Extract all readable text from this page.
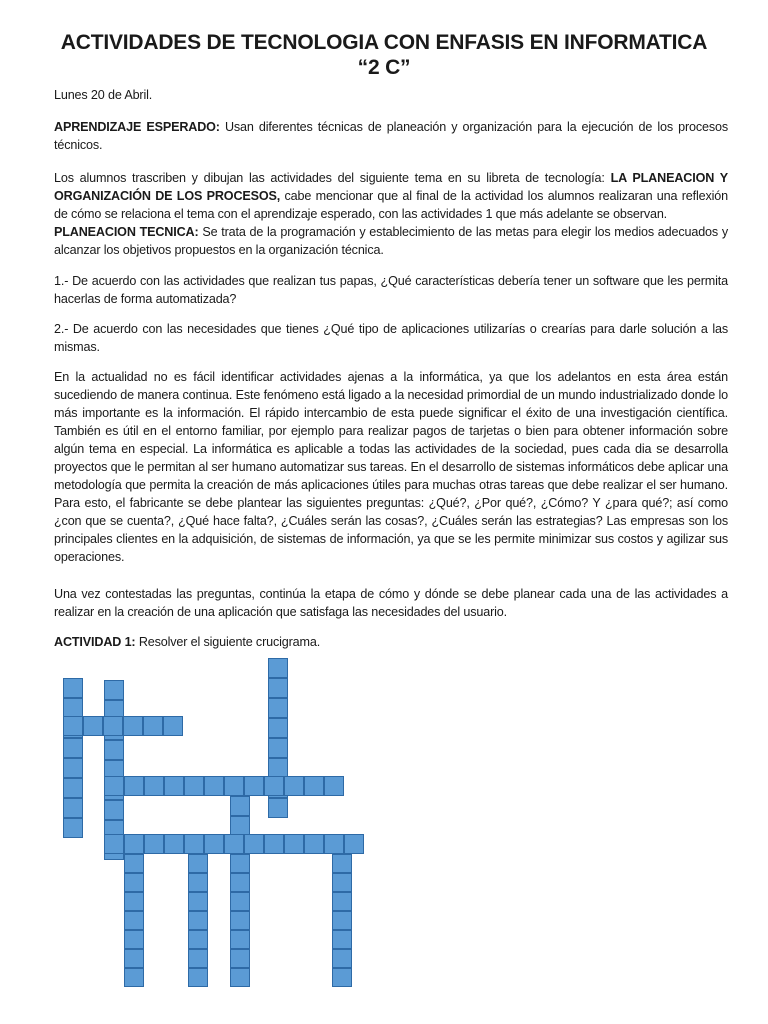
ACTIVIDADES DE TECNOLOGIA CON ENFASIS EN INFORMATICA
“2 C”
Lunes 20 de Abril.
APRENDIZAJE ESPERADO: Usan diferentes técnicas de planeación y organización para la ejecución de los procesos técnicos.
Los alumnos trascriben y dibujan las actividades del siguiente tema en su libreta de tecnología: LA PLANEACION Y ORGANIZACIÓN DE LOS PROCESOS, cabe mencionar que al final de la actividad los alumnos realizaran una reflexión de cómo se relaciona el tema con el aprendizaje esperado, con las actividades 1 que más adelante se observan.
PLANEACION TECNICA: Se trata de la programación y establecimiento de las metas para elegir los medios adecuados y alcanzar los objetivos propuestos en la organización técnica.
1.- De acuerdo con las actividades que realizan tus papas, ¿Qué características debería tener un software que les permita hacerlas de forma automatizada?
2.- De acuerdo con las necesidades que tienes ¿Qué tipo de aplicaciones utilizarías o crearías para darle solución a las mismas.
En la actualidad no es fácil identificar actividades ajenas a la informática, ya que los adelantos en esta área están sucediendo de manera continua. Este fenómeno está ligado a la necesidad primordial de un mundo industrializado donde lo más importante es la información. El rápido intercambio de esta puede significar el éxito de una investigación científica. También es útil en el entorno familiar, por ejemplo para realizar pagos de tarjetas o bien para obtener información sobre algún tema en especial. La informática es aplicable a todas las actividades de la sociedad, pues cada dia se desarrolla proyectos que le permitan al ser humano automatizar sus tareas. En el desarrollo de sistemas informáticos debe aplicar una metodología que permita la creación de más aplicaciones útiles para muchas otras tareas que debe realizar el ser humano. Para esto, el fabricante se debe plantear las siguientes preguntas: ¿Qué?, ¿Por qué?, ¿Cómo? Y ¿para qué?; así como ¿con que se cuenta?, ¿Qué hace falta?, ¿Cuáles serán las cosas?, ¿Cuáles serán las estrategias? Las empresas son los principales clientes en la adquisición, de sistemas de información, ya que se les permite minimizar sus costos y agilizar sus operaciones.
Una vez contestadas las preguntas, continúa la etapa de cómo y dónde se debe planear cada una de las actividades a realizar en la creación de una aplicación que satisfaga las necesidades del usuario.
ACTIVIDAD 1: Resolver el siguiente crucigrama.
